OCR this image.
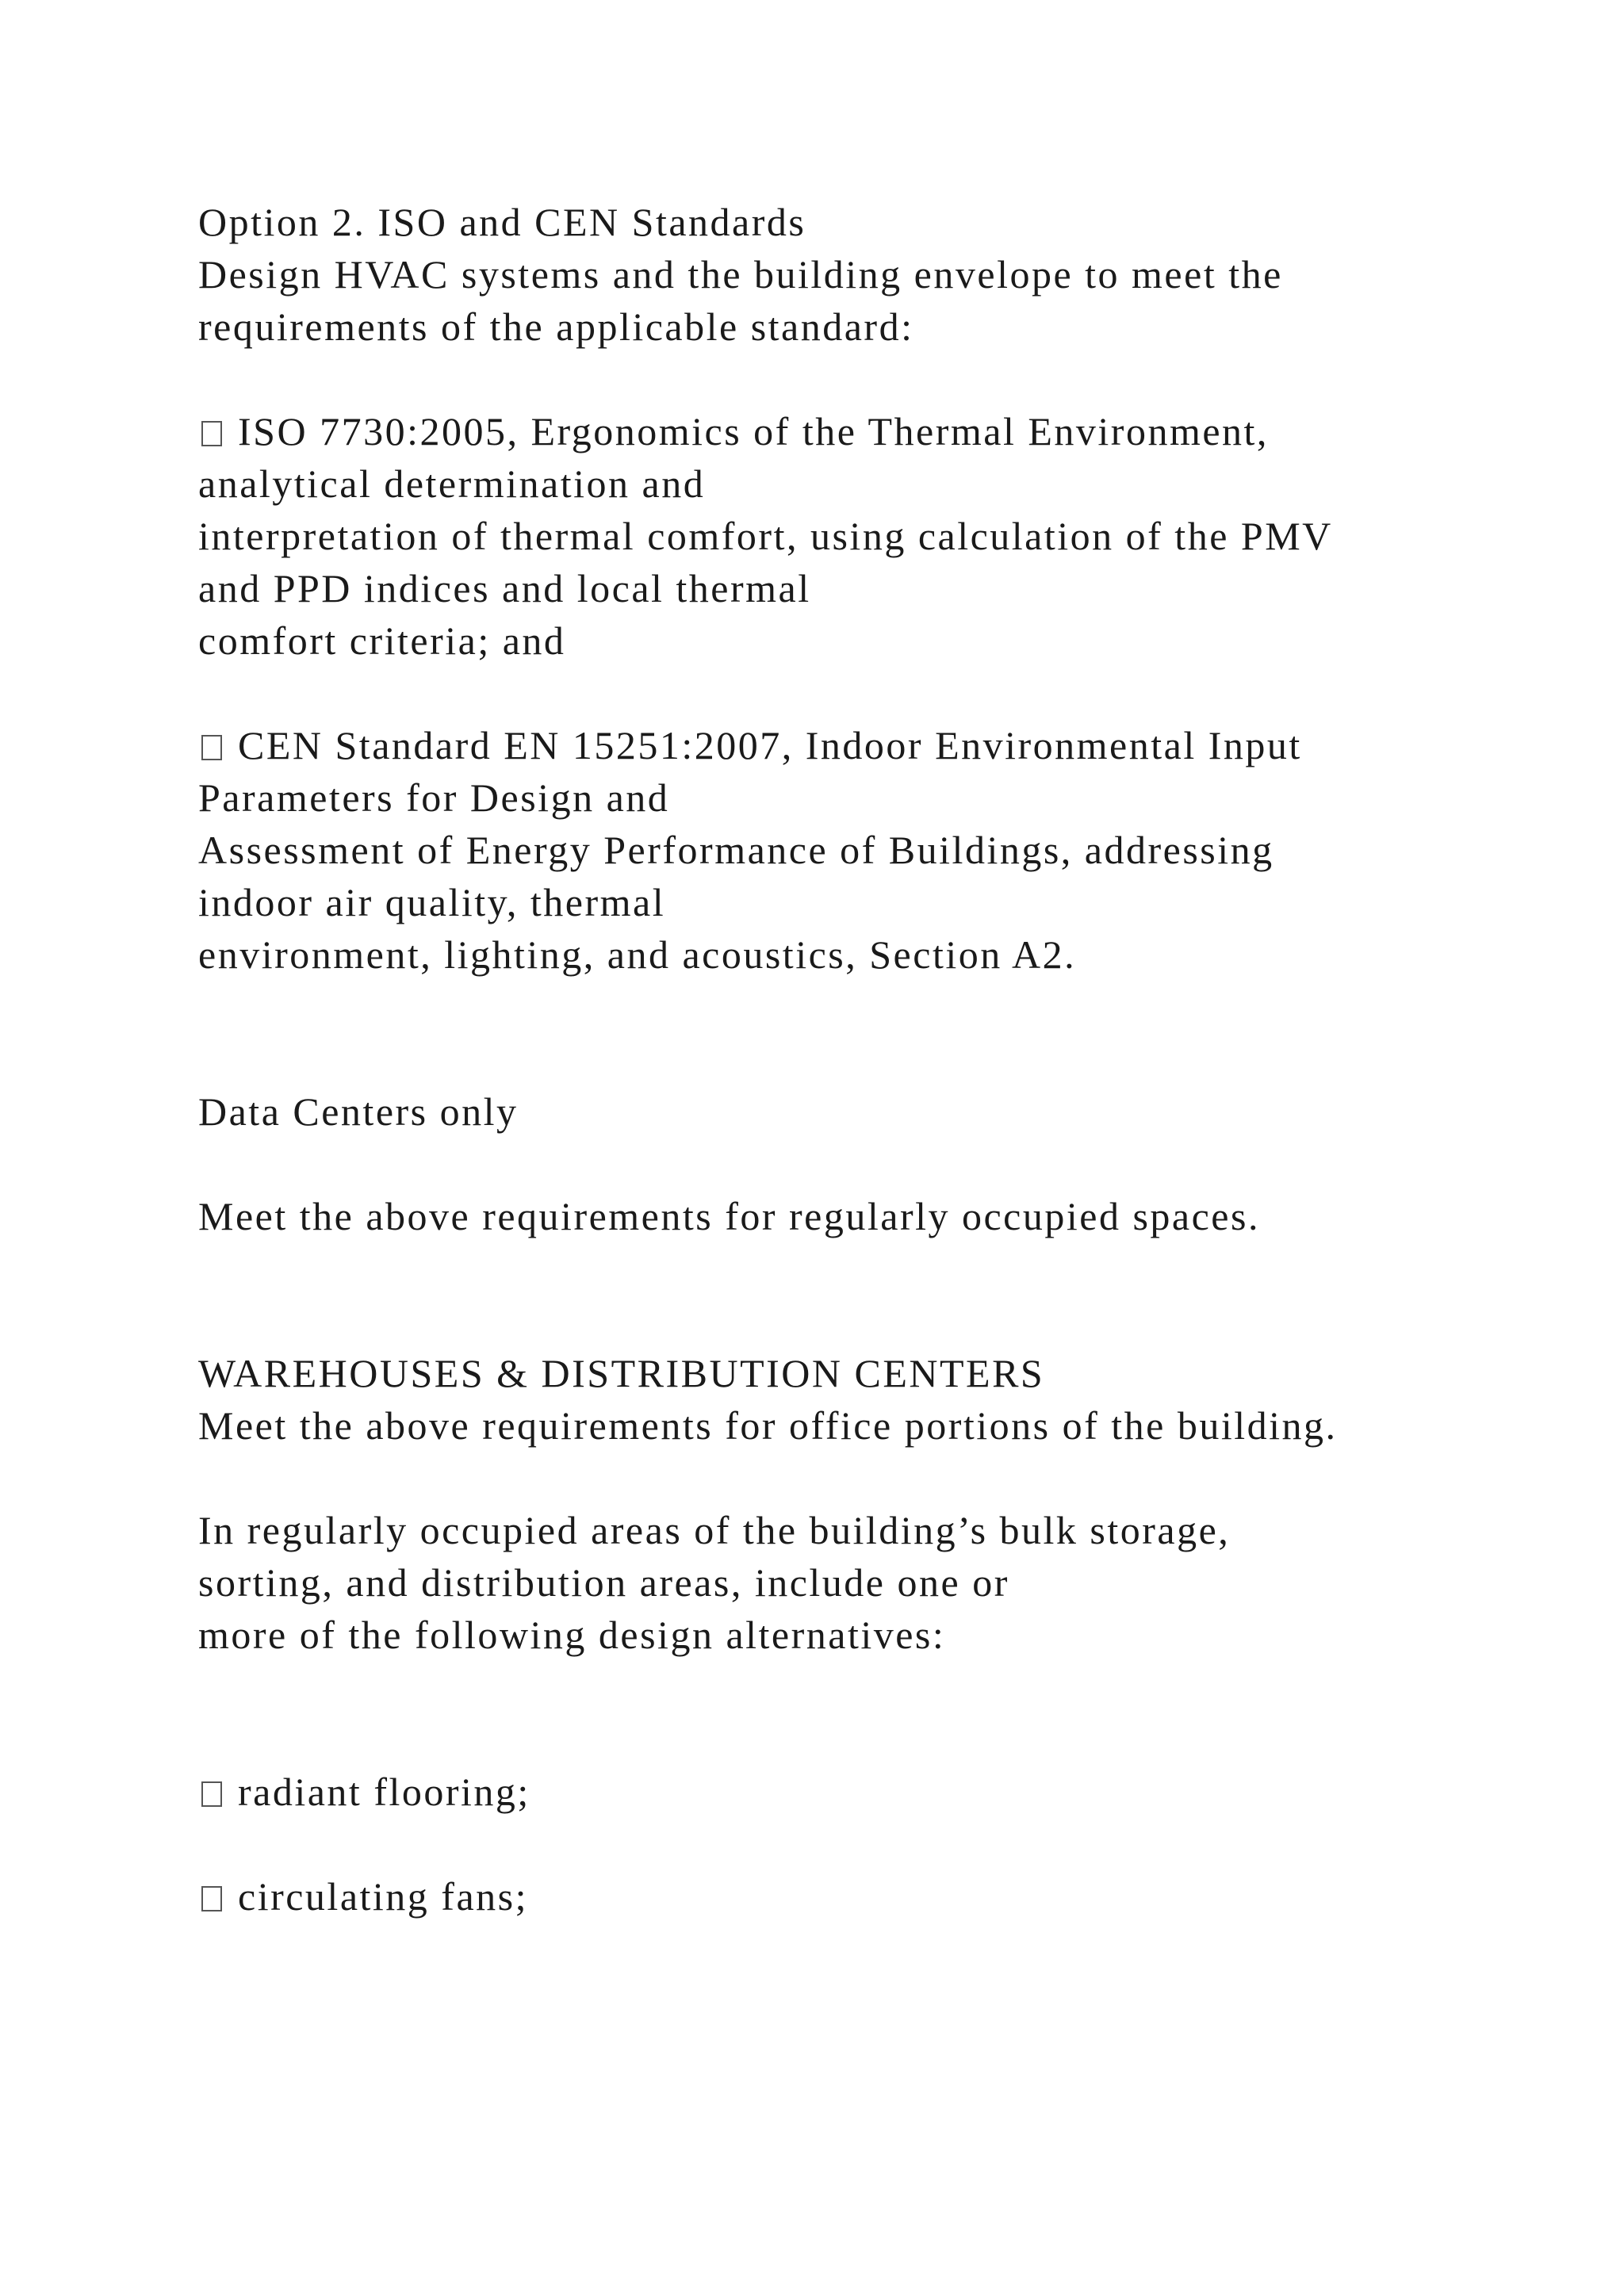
Option 2. ISO and CEN Standards
Design HVAC systems and the building envelope to meet the
requirements of the applicable standard:
ISO 7730:2005, Ergonomics of the Thermal Environment,
analytical determination and
interpretation of thermal comfort, using calculation of the PMV
and PPD indices and local thermal
comfort criteria; and
CEN Standard EN 15251:2007, Indoor Environmental Input
Parameters for Design and
Assessment of Energy Performance of Buildings, addressing
indoor air quality, thermal
environment, lighting, and acoustics, Section A2.
Data Centers only
Meet the above requirements for regularly occupied spaces.
WAREHOUSES & DISTRIBUTION CENTERS
Meet the above requirements for office portions of the building.
In regularly occupied areas of the building’s bulk storage,
sorting, and distribution areas, include one or
more of the following design alternatives:
radiant flooring;
circulating fans;
